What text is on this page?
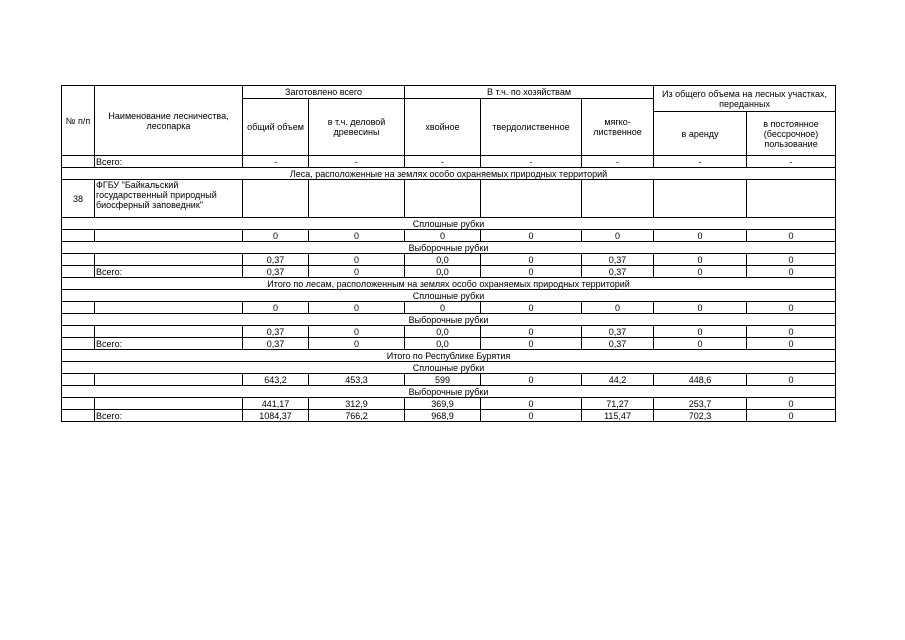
№ п/п	Наименование лесничества, лесопарка	Заготовлено всего		В т.ч. по хозяйствам			Из общего объема на лесных участках, переданных	
		общий объем	в т.ч. деловой древесины	хвойное	твердолиственное	мягко-лиственное		
							в аренду	в постоянное (бессрочное) пользование
	Всего:	-	-	-	-	-	-	-
Леса, расположенные на землях особо охраняемых природных территорий								
38	ФГБУ "Байкальский государственный природный биосферный заповедник"							
Сплошные рубки								
		0	0	0	0	0	0	0
Выборочные рубки								
		0,37	0	0,0	0	0,37	0	0
	Всего:	0,37	0	0,0	0	0,37	0	0
Итого по лесам, расположенным на землях особо охраняемых природных территорий								
Сплошные рубки								
		0	0	0	0	0	0	0
Выборочные рубки								
		0,37	0	0,0	0	0,37	0	0
	Всего:	0,37	0	0,0	0	0,37	0	0
Итого по Республике Бурятия								
Сплошные рубки								
		643,2	453,3	599	0	44,2	448,6	0
Выборочные рубки								
		441,17	312,9	369,9	0	71,27	253,7	0
	Всего:	1084,37	766,2	968,9	0	115,47	702,3	0
